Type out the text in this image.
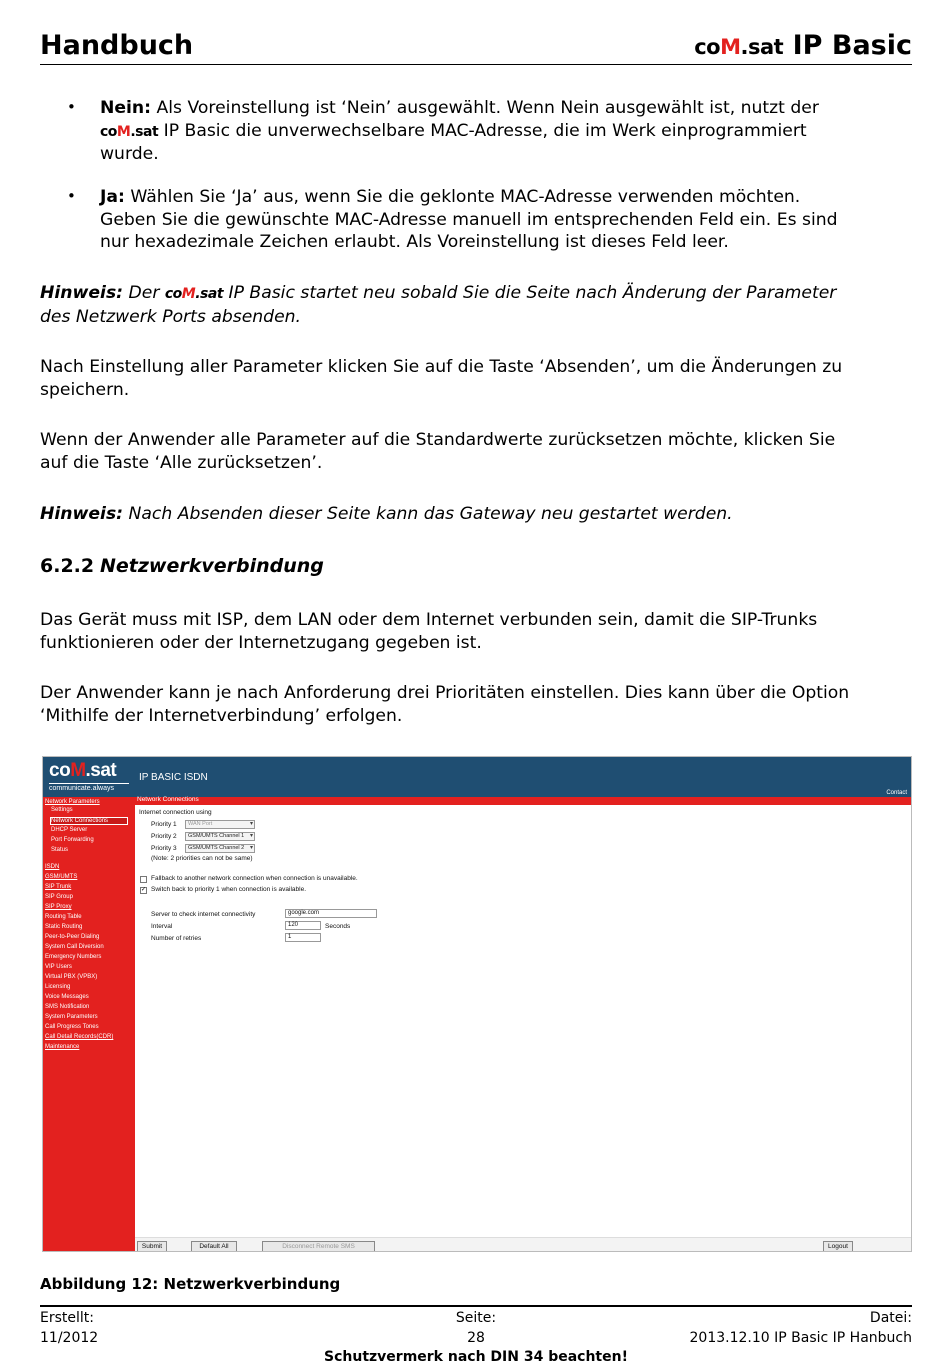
Handbuch	coM.sat IP Basic
• Nein: Als Voreinstellung ist ‘Nein’ ausgewählt. Wenn Nein ausgewählt ist, nutzt der
coM.sat IP Basic die unverwechselbare MAC-Adresse, die im Werk einprogrammiert
wurde.
• Ja: Wählen Sie ‘Ja’ aus, wenn Sie die geklonte MAC-Adresse verwenden möchten.
Geben Sie die gewünschte MAC-Adresse manuell im entsprechenden Feld ein. Es sind
nur hexadezimale Zeichen erlaubt. Als Voreinstellung ist dieses Feld leer.
Hinweis: Der coM.sat IP Basic startet neu sobald Sie die Seite nach Änderung der Parameter
des Netzwerk Ports absenden.
Nach Einstellung aller Parameter klicken Sie auf die Taste ‘Absenden’, um die Änderungen zu
speichern.
Wenn der Anwender alle Parameter auf die Standardwerte zurücksetzen möchte, klicken Sie
auf die Taste ‘Alle zurücksetzen’.
Hinweis: Nach Absenden dieser Seite kann das Gateway neu gestartet werden.
6.2.2 Netzwerkverbindung
Das Gerät muss mit ISP, dem LAN oder dem Internet verbunden sein, damit die SIP-Trunks
funktionieren oder der Internetzugang gegeben ist.
Der Anwender kann je nach Anforderung drei Prioritäten einstellen. Dies kann über die Option
‘Mithilfe der Internetverbindung’ erfolgen.
coM.sat
communicate.always
IP BASIC ISDN
Contact
Network Connections
Network Parameters
Settings
Network Connections
DHCP Server
Port Forwarding
Status
ISDN
GSM/UMTS
SIP Trunk
SIP Group
SIP Proxy
Routing Table
Static Routing
Peer-to-Peer Dialing
System Call Diversion
Emergency Numbers
VIP Users
Virtual PBX (VPBX)
Licensing
Voice Messages
SMS Notification
System Parameters
Call Progress Tones
Call Detail Records(CDR)
Maintenance
Internet connection using
Priority 1	WAN Port ▾
Priority 2	GSM/UMTS Channel 1 ▾
Priority 3	GSM/UMTS Channel 2 ▾
(Note: 2 priorities can not be same)
Fallback to another network connection when connection is unavailable.
✓ Switch back to priority 1 when connection is available.
Server to check internet connectivity	google.com
Interval	120	Seconds
Number of retries	1
Submit	Default All	Disconnect Remote SMS	Logout
Abbildung 12: Netzwerkverbindung
Erstellt:	Seite:	Datei:
11/2012	28	2013.12.10 IP Basic IP Hanbuch
Schutzvermerk nach DIN 34 beachten!
